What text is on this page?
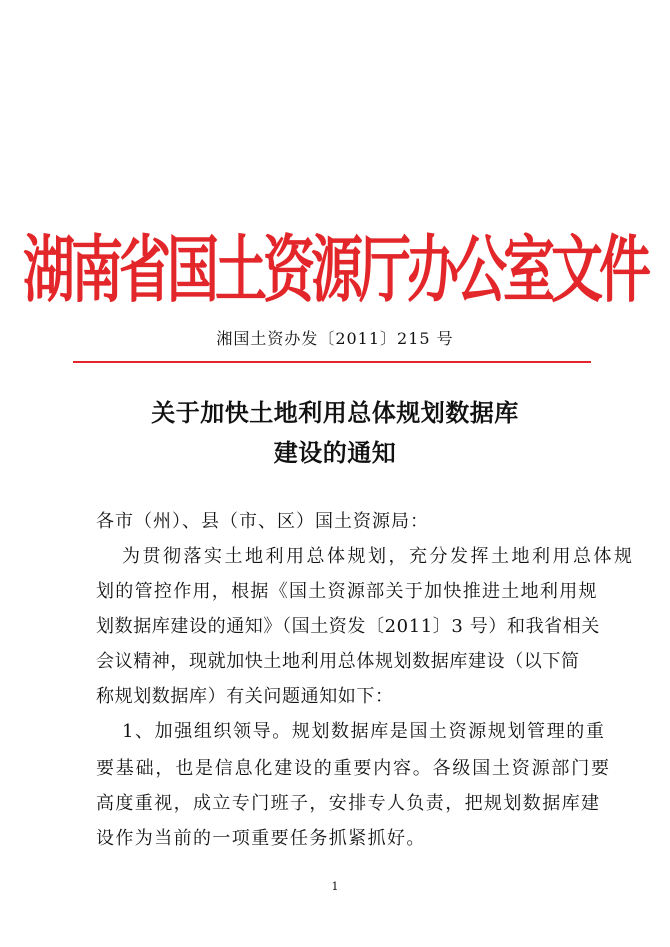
湖南省国土资源厅办公室文件
湘国土资办发〔2011〕215 号
关于加快土地利用总体规划数据库
建设的通知
各市（州）、县（市、区）国土资源局：
为贯彻落实土地利用总体规划，充分发挥土地利用总体规
划的管控作用，根据《国土资源部关于加快推进土地利用规
划数据库建设的通知》（国土资发〔2011〕3 号）和我省相关
会议精神，现就加快土地利用总体规划数据库建设（以下简
称规划数据库）有关问题通知如下：
1、加强组织领导。规划数据库是国土资源规划管理的重
要基础，也是信息化建设的重要内容。各级国土资源部门要
高度重视，成立专门班子，安排专人负责，把规划数据库建
设作为当前的一项重要任务抓紧抓好。
1
